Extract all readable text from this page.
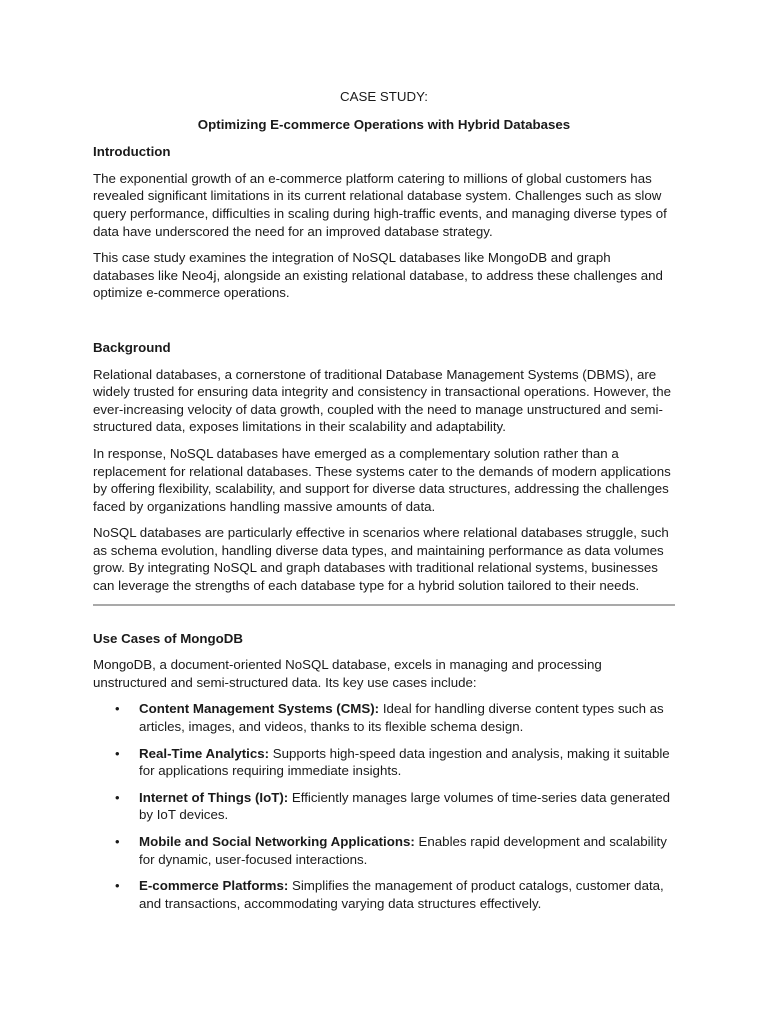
CASE STUDY:
Optimizing E-commerce Operations with Hybrid Databases
Introduction

The exponential growth of an e-commerce platform catering to millions of global customers has revealed significant limitations in its current relational database system. Challenges such as slow query performance, difficulties in scaling during high-traffic events, and managing diverse types of data have underscored the need for an improved database strategy.

This case study examines the integration of NoSQL databases like MongoDB and graph databases like Neo4j, alongside an existing relational database, to address these challenges and optimize e-commerce operations.

Background

Relational databases, a cornerstone of traditional Database Management Systems (DBMS), are widely trusted for ensuring data integrity and consistency in transactional operations. However, the ever-increasing velocity of data growth, coupled with the need to manage unstructured and semi-structured data, exposes limitations in their scalability and adaptability.

In response, NoSQL databases have emerged as a complementary solution rather than a replacement for relational databases. These systems cater to the demands of modern applications by offering flexibility, scalability, and support for diverse data structures, addressing the challenges faced by organizations handling massive amounts of data.

NoSQL databases are particularly effective in scenarios where relational databases struggle, such as schema evolution, handling diverse data types, and maintaining performance as data volumes grow. By integrating NoSQL and graph databases with traditional relational systems, businesses can leverage the strengths of each database type for a hybrid solution tailored to their needs.

Use Cases of MongoDB

MongoDB, a document-oriented NoSQL database, excels in managing and processing unstructured and semi-structured data. Its key use cases include:

• Content Management Systems (CMS): Ideal for handling diverse content types such as articles, images, and videos, thanks to its flexible schema design.
• Real-Time Analytics: Supports high-speed data ingestion and analysis, making it suitable for applications requiring immediate insights.
• Internet of Things (IoT): Efficiently manages large volumes of time-series data generated by IoT devices.
• Mobile and Social Networking Applications: Enables rapid development and scalability for dynamic, user-focused interactions.
• E-commerce Platforms: Simplifies the management of product catalogs, customer data, and transactions, accommodating varying data structures effectively.
